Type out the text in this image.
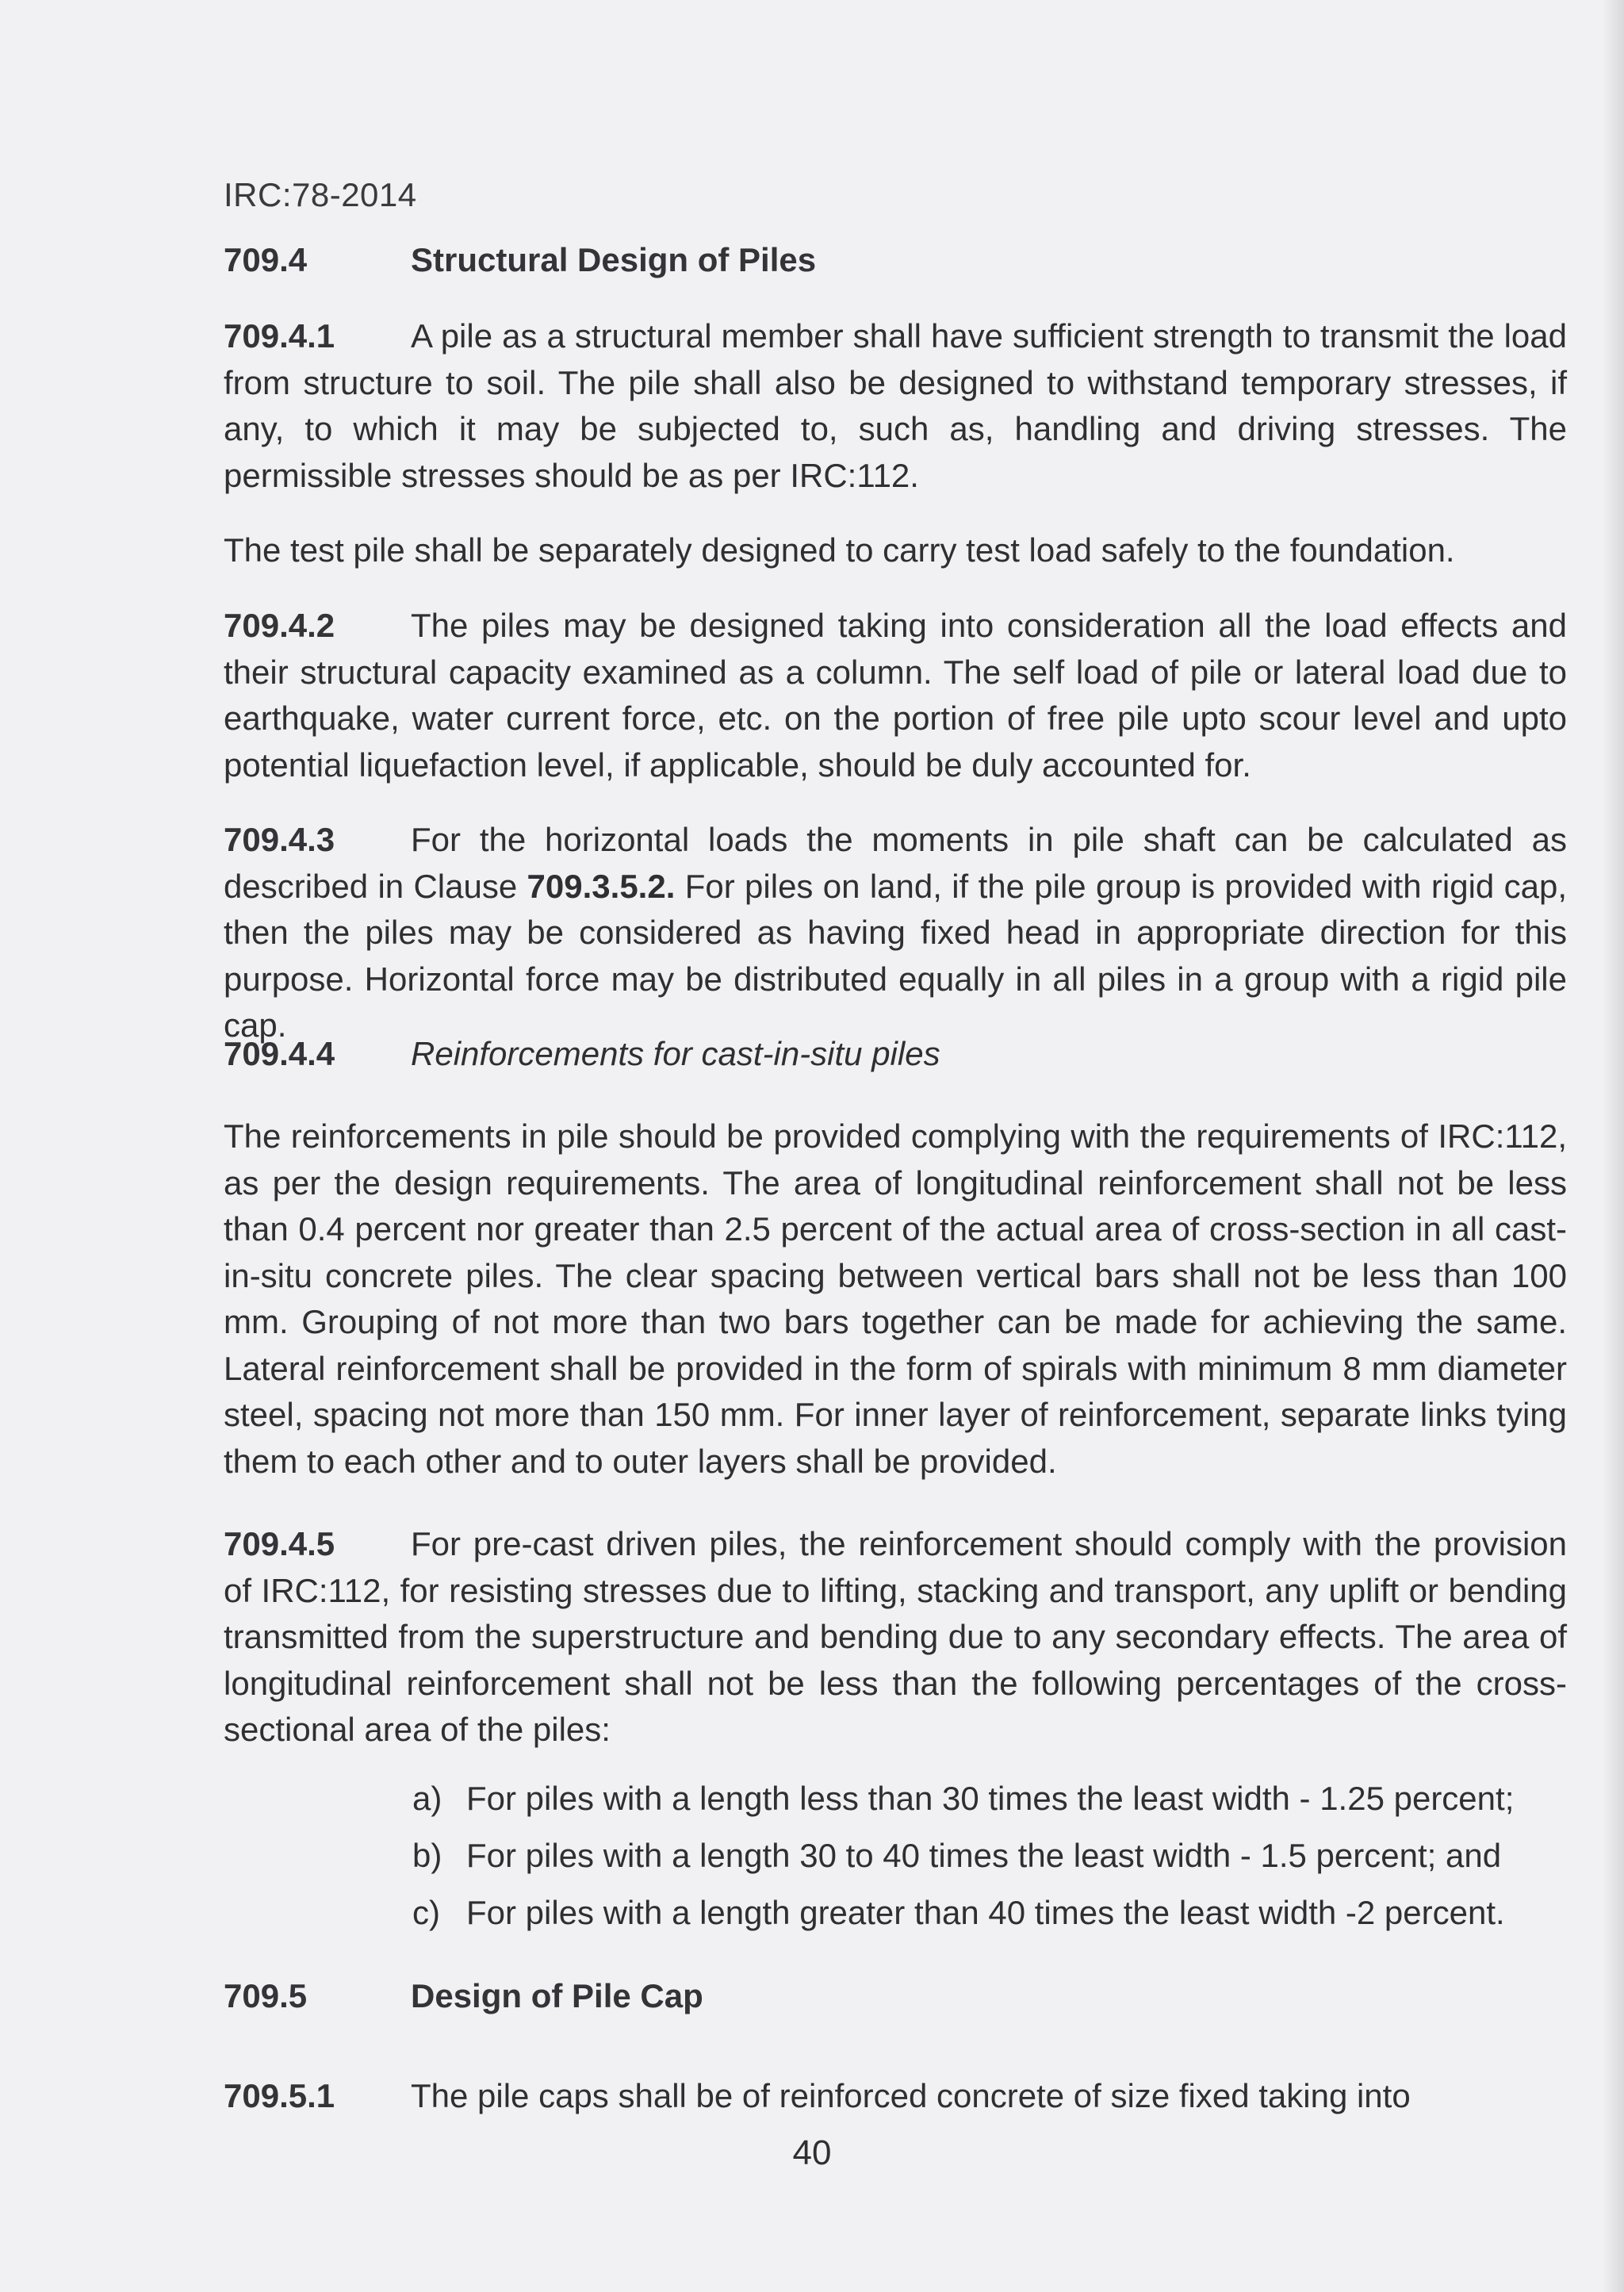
IRC:78-2014
709.4	Structural Design of Piles
709.4.1 A pile as a structural member shall have sufficient strength to transmit the load from structure to soil. The pile shall also be designed to withstand temporary stresses, if any, to which it may be subjected to, such as, handling and driving stresses. The permissible stresses should be as per IRC:112.
The test pile shall be separately designed to carry test load safely to the foundation.
709.4.2 The piles may be designed taking into consideration all the load effects and their structural capacity examined as a column. The self load of pile or lateral load due to earthquake, water current force, etc. on the portion of free pile upto scour level and upto potential liquefaction level, if applicable, should be duly accounted for.
709.4.3 For the horizontal loads the moments in pile shaft can be calculated as described in Clause 709.3.5.2. For piles on land, if the pile group is provided with rigid cap, then the piles may be considered as having fixed head in appropriate direction for this purpose. Horizontal force may be distributed equally in all piles in a group with a rigid pile cap.
709.4.4 Reinforcements for cast-in-situ piles
The reinforcements in pile should be provided complying with the requirements of IRC:112, as per the design requirements. The area of longitudinal reinforcement shall not be less than 0.4 percent nor greater than 2.5 percent of the actual area of cross-section in all cast-in-situ concrete piles. The clear spacing between vertical bars shall not be less than 100 mm. Grouping of not more than two bars together can be made for achieving the same. Lateral reinforcement shall be provided in the form of spirals with minimum 8 mm diameter steel, spacing not more than 150 mm. For inner layer of reinforcement, separate links tying them to each other and to outer layers shall be provided.
709.4.5 For pre-cast driven piles, the reinforcement should comply with the provision of IRC:112, for resisting stresses due to lifting, stacking and transport, any uplift or bending transmitted from the superstructure and bending due to any secondary effects. The area of longitudinal reinforcement shall not be less than the following percentages of the cross-sectional area of the piles:
a) For piles with a length less than 30 times the least width - 1.25 percent;
b) For piles with a length 30 to 40 times the least width - 1.5 percent; and
c) For piles with a length greater than 40 times the least width -2 percent.
709.5	Design of Pile Cap
709.5.1 The pile caps shall be of reinforced concrete of size fixed taking into
40
